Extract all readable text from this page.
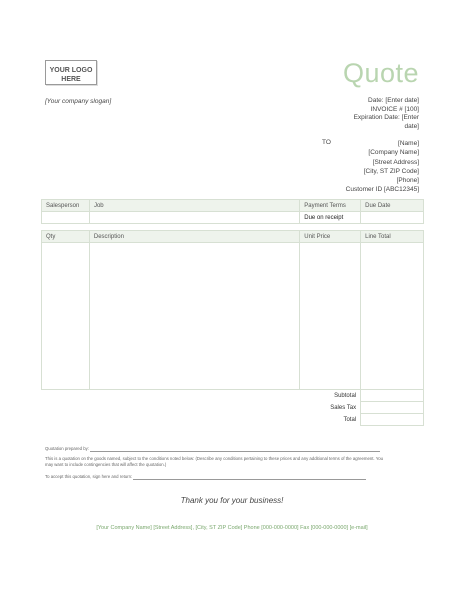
YOUR LOGO
HERE	Quote
[Your company slogan]	Date: [Enter date]
INVOICE # [100]
Expiration Date: [Enter date]
TO	[Name]
[Company Name]
[Street Address]
[City, ST ZIP Code]
[Phone]
Customer ID [ABC12345]
Salesperson	Job	Payment Terms	Due Date
		Due on receipt	
Qty	Description	Unit Price	Line Total

		Subtotal	
		Sales Tax	
		Total	
Quotation prepared by:
This is a quotation on the goods named, subject to the conditions noted below: (Describe any conditions pertaining to these prices and any additional terms of the agreement. You may want to include contingencies that will affect the quotation.)
To accept this quotation, sign here and return:
Thank you for your business!
[Your Company Name] [Street Address], [City, ST ZIP Code] Phone [000-000-0000] Fax [000-000-0000] [e-mail]
